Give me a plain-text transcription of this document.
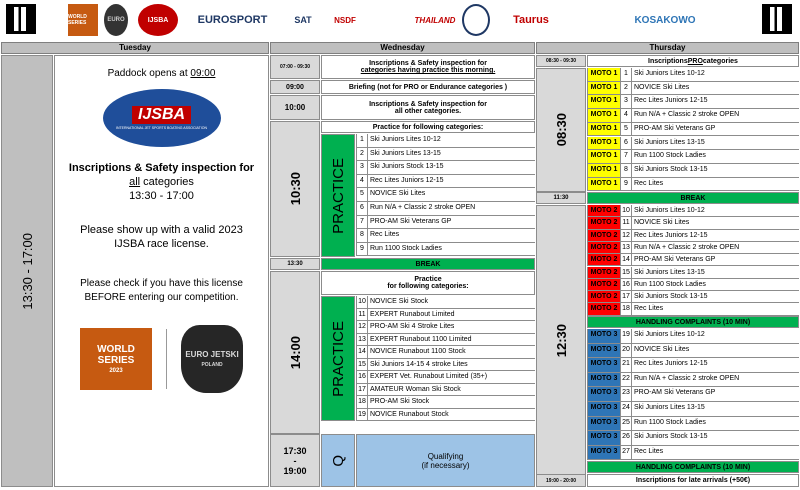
WORLD SERIES	EURO	IJSBA	EUROSPORT	SAT	NSDF	THAILAND	Taurus	KOSAKOWO
Tuesday	Wednesday	Thursday
13:30 - 17:00
Paddock opens at 09:00
IJSBA
INTERNATIONAL JET SPORTS BOATING ASSOCIATION
Inscriptions & Safety inspection for
all categories
13:30 - 17:00
Please show up with a valid 2023
IJSBA race license.
Please check if you have this license
BEFORE entering our competition.
WORLD SERIES
2023
EURO JETSKI
POLAND
07:00 - 09:30	Inscriptions & Safety inspection for
categories having practice this morning.
09:00	Briefing (not for PRO or Endurance categories )
10:00	Inscriptions & Safety inspection for
all other categories.
10:30
Practice for following categories:
PRACTICE
1 Ski Juniors Lites 10-12
2 Ski Juniors Lites 13-15
3 Ski Juniors Stock 13-15
4 Rec Lites Juniors 12-15
5 NOVICE Ski Lites
6 Run N/A + Classic 2 stroke OPEN
7 PRO-AM Ski Veterans GP
8 Rec Lites
9 Run 1100 Stock Ladies
13:30	BREAK
14:00
Practice
for following categories:
PRACTICE
10 NOVICE Ski Stock
11 EXPERT Runabout Limited
12 PRO-AM Ski 4 Stroke Lites
13 EXPERT Runabout 1100 Limited
14 NOVICE Runabout 1100 Stock
15 Ski Juniors 14-15 4 stroke Lites
16 EXPERT Vet. Runabout Limited (35+)
17 AMATEUR Woman Ski Stock
18 PRO-AM Ski Stock
19 NOVICE Runabout Stock
17:30
-
19:00
Q	Qualifying
(if necessary)
08:30 - 09:30	Inscriptions PRO categories
08:30
MOTO 1 1 Ski Juniors Lites 10-12
MOTO 1 2 NOVICE Ski Lites
MOTO 1 3 Rec Lites Juniors 12-15
MOTO 1 4 Run N/A + Classic 2 stroke OPEN
MOTO 1 5 PRO-AM Ski Veterans GP
MOTO 1 6 Ski Juniors Lites 13-15
MOTO 1 7 Run 1100 Stock Ladies
MOTO 1 8 Ski Juniors Stock 13-15
MOTO 1 9 Rec Lites
11:30	BREAK
12:30
MOTO 2 10 Ski Juniors Lites 10-12
MOTO 2 11 NOVICE Ski Lites
MOTO 2 12 Rec Lites Juniors 12-15
MOTO 2 13 Run N/A + Classic 2 stroke OPEN
MOTO 2 14 PRO-AM Ski Veterans GP
MOTO 2 15 Ski Juniors Lites 13-15
MOTO 2 16 Run 1100 Stock Ladies
MOTO 2 17 Ski Juniors Stock 13-15
MOTO 2 18 Rec Lites
HANDLING COMPLAINTS (10 MIN)
MOTO 3 19 Ski Juniors Lites 10-12
MOTO 3 20 NOVICE Ski Lites
MOTO 3 21 Rec Lites Juniors 12-15
MOTO 3 22 Run N/A + Classic 2 stroke OPEN
MOTO 3 23 PRO-AM Ski Veterans GP
MOTO 3 24 Ski Juniors Lites 13-15
MOTO 3 25 Run 1100 Stock Ladies
MOTO 3 26 Ski Juniors Stock 13-15
MOTO 3 27 Rec Lites
HANDLING COMPLAINTS (10 MIN)
19:00 - 20:00	Inscriptions for late arrivals (+50€)
